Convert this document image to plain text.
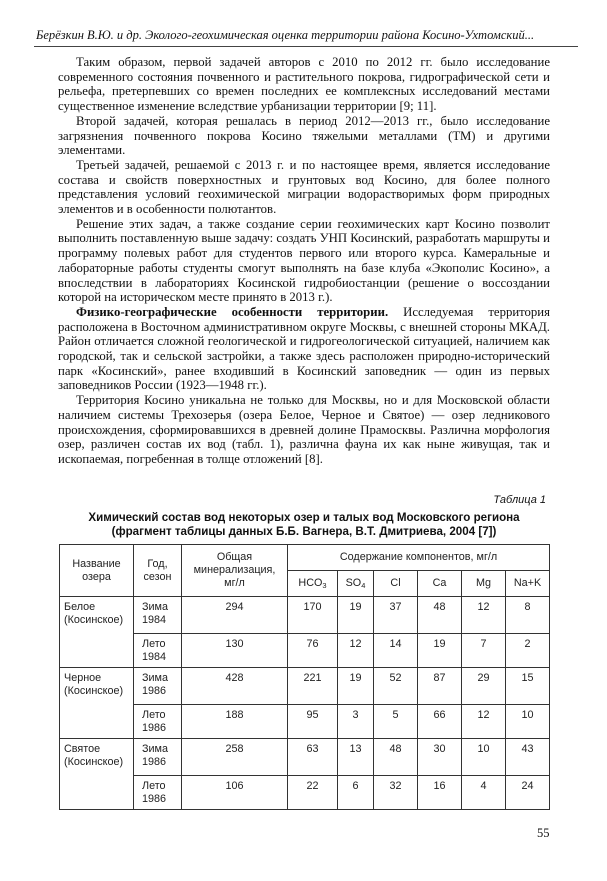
Берёзкин В.Ю. и др. Эколого-геохимическая оценка территории района Косино-Ухтомский...

Таким образом, первой задачей авторов с 2010 по 2012 гг. было исследование современного состояния почвенного и растительного покрова, гидрографической сети и рельефа, претерпевших со времен последних ее комплексных исследований местами существенное изменение вследствие урбанизации территории [9; 11].

Второй задачей, которая решалась в период 2012—2013 гг., было исследование загрязнения почвенного покрова Косино тяжелыми металлами (ТМ) и другими элементами.

Третьей задачей, решаемой с 2013 г. и по настоящее время, является исследование состава и свойств поверхностных и грунтовых вод Косино, для более полного представления условий геохимической миграции водорастворимых форм природных элементов и в особенности полютантов.

Решение этих задач, а также создание серии геохимических карт Косино позволит выполнить поставленную выше задачу: создать УНП Косинский, разработать маршруты и программу полевых работ для студентов первого или второго курса. Камеральные и лабораторные работы студенты смогут выполнять на базе клуба «Экополис Косино», а впоследствии в лабораториях Косинской гидробиостанции (решение о воссоздании которой на историческом месте принято в 2013 г.).

Физико-географические особенности территории. Исследуемая территория расположена в Восточном административном округе Москвы, с внешней стороны МКАД. Район отличается сложной геологической и гидрогеологической ситуацией, наличием как городской, так и сельской застройки, а также здесь расположен природно-исторический парк «Косинский», ранее входивший в Косинский заповедник — один из первых заповедников России (1923—1948 гг.).

Территория Косино уникальна не только для Москвы, но и для Московской области наличием системы Трехозерья (озера Белое, Черное и Святое) — озер ледникового происхождения, сформировавшихся в древней долине Прамосквы. Различна морфология озер, различен состав их вод (табл. 1), различна фауна их как ныне живущая, так и ископаемая, погребенная в толще отложений [8].

Таблица 1
Химический состав вод некоторых озер и талых вод Московского региона
(фрагмент таблицы данных Б.Б. Вагнера, В.Т. Дмитриева, 2004 [7])
Название озера	Год, сезон	Общая минерализация, мг/л	Содержание компонентов, мг/л					
			$HCO_3$	$SO_4$	Cl	Ca	Mg	Na+K
Белое (Косинское)	Зима 1984	294	170	19	37	48	12	8
	Лето 1984	130	76	12	14	19	7	2
Черное (Косинское)	Зима 1986	428	221	19	52	87	29	15
	Лето 1986	188	95	3	5	66	12	10
Святое (Косинское)	Зима 1986	258	63	13	48	30	10	43
	Лето 1986	106	22	6	32	16	4	24
55
